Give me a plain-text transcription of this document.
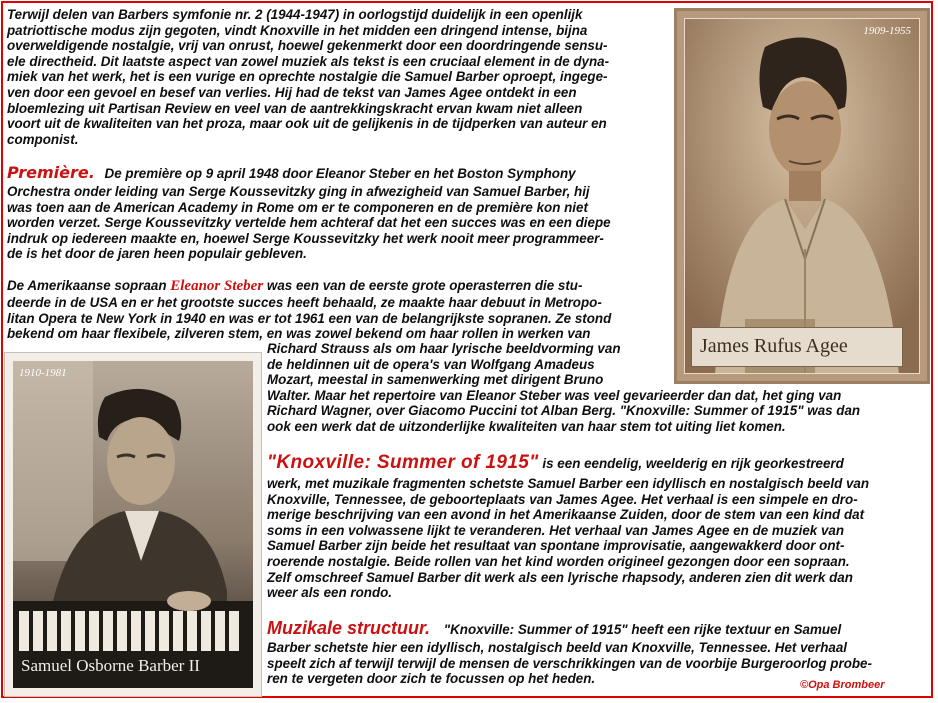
Terwijl delen van Barbers symfonie nr. 2 (1944-1947) in oorlogstijd duidelijk in een openlijk
patriottische modus zijn gegoten, vindt Knoxville in het midden een dringend intense, bijna
overweldigende nostalgie, vrij van onrust, hoewel gekenmerkt door een doordringende sensu-
ele directheid. Dit laatste aspect van zowel muziek als tekst is een cruciaal element in de dyna-
miek van het werk, het is een vurige en oprechte nostalgie die Samuel Barber oproept, ingege-
ven door een gevoel en besef van verlies. Hij had de tekst van James Agee ontdekt in een
bloemlezing uit Partisan Review en veel van de aantrekkingskracht ervan kwam niet alleen
voort uit de kwaliteiten van het proza, maar ook uit de gelijkenis in de tijdperken van auteur en
componist.
Première. De première op 9 april 1948 door Eleanor Steber en het Boston Symphony
Orchestra onder leiding van Serge Koussevitzky ging in afwezigheid van Samuel Barber, hij
was toen aan de American Academy in Rome om er te componeren en de première kon niet
worden verzet. Serge Koussevitzky vertelde hem achteraf dat het een succes was en een diepe
indruk op iedereen maakte en, hoewel Serge Koussevitzky het werk nooit meer programmeer-
de is het door de jaren heen populair gebleven.
De Amerikaanse sopraan Eleanor Steber was een van de eerste grote operasterren die stu-
deerde in de USA en er het grootste succes heeft behaald, ze maakte haar debuut in Metropo-
litan Opera te New York in 1940 en was er tot 1961 een van de belangrijkste sopranen. Ze stond
bekend om haar flexibele, zilveren stem, en was zowel bekend om haar rollen in werken van
Richard Strauss als om haar lyrische beeldvorming van
de heldinnen uit de opera's van Wolfgang Amadeus
Mozart, meestal in samenwerking met dirigent Bruno
Walter. Maar het repertoire van Eleanor Steber was veel gevarieerder dan dat, het ging van
Richard Wagner, over Giacomo Puccini tot Alban Berg. "Knoxville: Summer of 1915" was dan
ook een werk dat de uitzonderlijke kwaliteiten van haar stem tot uiting liet komen.
"Knoxville: Summer of 1915" is een eendelig, weelderig en rijk georkestreerd
werk, met muzikale fragmenten schetste Samuel Barber een idyllisch en nostalgisch beeld van
Knoxville, Tennessee, de geboorteplaats van James Agee. Het verhaal is een simpele en dro-
merige beschrijving van een avond in het Amerikaanse Zuiden, door de stem van een kind dat
soms in een volwassene lijkt te veranderen. Het verhaal van James Agee en de muziek van
Samuel Barber zijn beide het resultaat van spontane improvisatie, aangewakkerd door ont-
roerende nostalgie. Beide rollen van het kind worden origineel gezongen door een sopraan.
Zelf omschreef Samuel Barber dit werk als een lyrische rhapsody, anderen zien dit werk dan
weer als een rondo.
Muzikale structuur. "Knoxville: Summer of 1915" heeft een rijke textuur en Samuel
Barber schetste hier een idyllisch, nostalgisch beeld van Knoxville, Tennessee. Het verhaal
speelt zich af terwijl terwijl de mensen de verschrikkingen van de voorbije Burgeroorlog probe-
ren te vergeten door zich te focussen op het heden.
1909-1955
James Rufus Agee
1910-1981
Samuel Osborne Barber II
©Opa Brombeer
